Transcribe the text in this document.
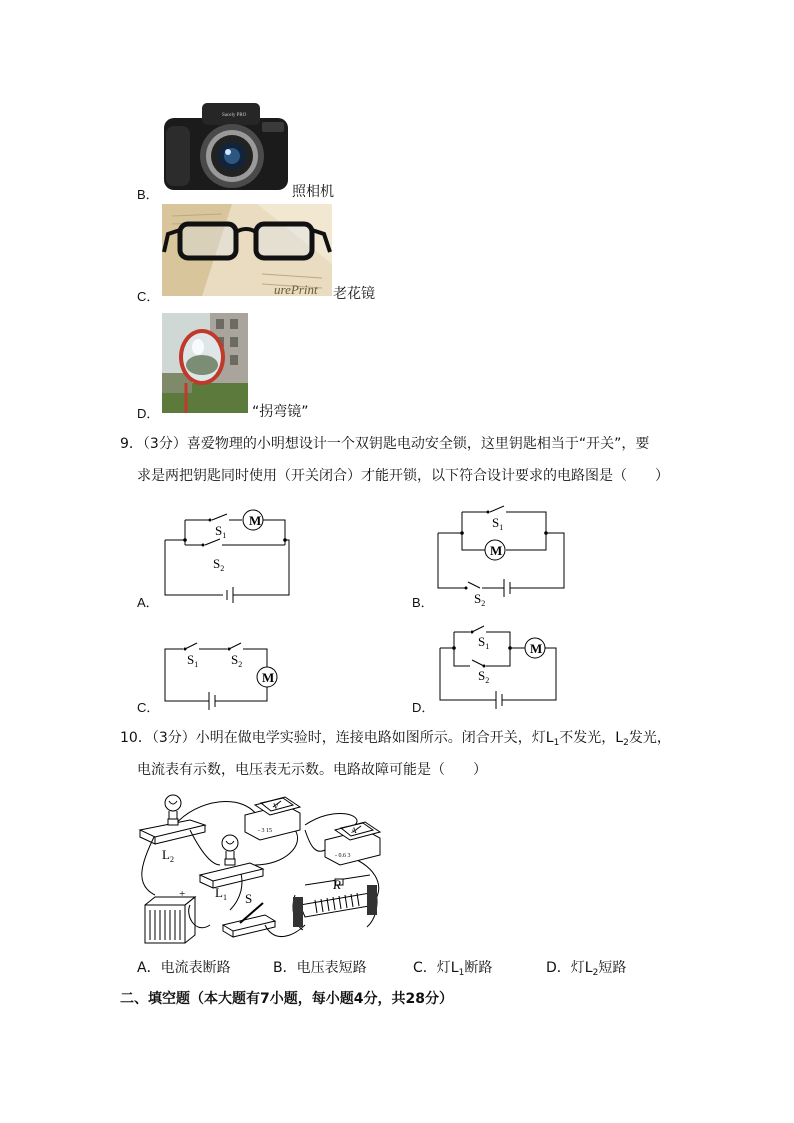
B．
Sacely PRO
照相机
C．	urePrint 老花镜
D．	“拐弯镜”
9．（3分）喜爱物理的小明想设计一个双钥匙电动安全锁，这里钥匙相当于“开关”，要
求是两把钥匙同时使用（开关闭合）才能开锁，以下符合设计要求的电路图是（　　）
A．
M
$S_1$
$S_2$
B．
M
$S_1$
$S_2$
C．
M
$S_1$	$S_2$
D．
M
$S_1$
$S_2$
10．（3分）小明在做电学实验时，连接电路如图所示。闭合开关，灯$L_1$不发光，$L_2$发光，
电流表有示数，电压表无示数。电路故障可能是（　　）
$L_2$
$L_1$ S
R
+
V
A
- 3 15
- 0.6 3
A．电流表断路	B．电压表短路	C．灯$L_1$断路	D．灯$L_2$短路
二、填空题（本大题有7小题，每小题4分，共28分）
